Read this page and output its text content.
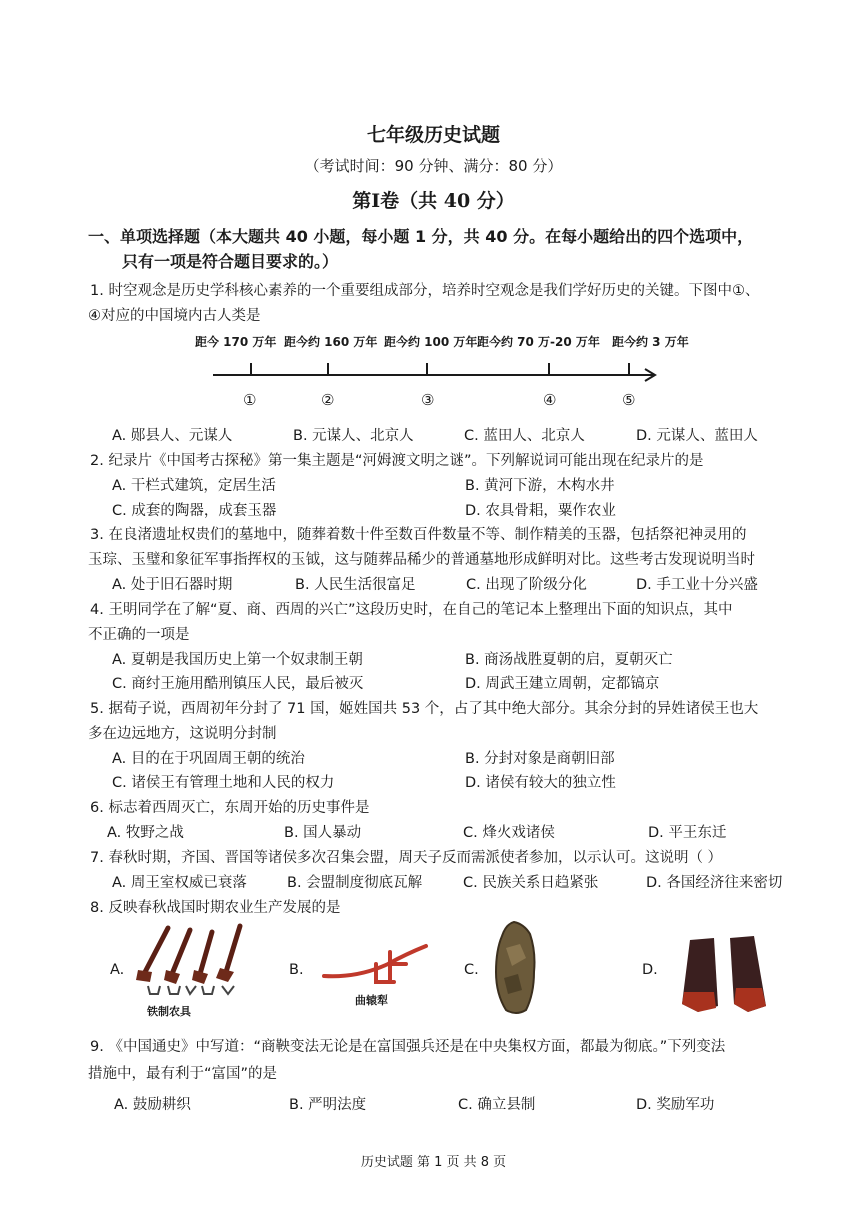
七年级历史试题
（考试时间：90 分钟、满分：80 分）
第Ⅰ卷（共 40 分）
一、单项选择题（本大题共 40 小题，每小题 1 分，共 40 分。在每小题给出的四个选项中，
只有一项是符合题目要求的。）
1. 时空观念是历史学科核心素养的一个重要组成部分，培养时空观念是我们学好历史的关键。下图中①、
④对应的中国境内古人类是
距今 170 万年 距今约 160 万年 距今约 100 万年 距今约 70 万-20 万年 距今约 3 万年
①	②	③	④	⑤
A. 郧县人、元谋人	B. 元谋人、北京人	C. 蓝田人、北京人	D. 元谋人、蓝田人
2. 纪录片《中国考古探秘》第一集主题是“河姆渡文明之谜”。下列解说词可能出现在纪录片的是
A. 干栏式建筑，定居生活	B. 黄河下游，木构水井
C. 成套的陶器，成套玉器	D. 农具骨耜，粟作农业
3. 在良渚遗址权贵们的墓地中，随葬着数十件至数百件数量不等、制作精美的玉器，包括祭祀神灵用的
玉琮、玉璧和象征军事指挥权的玉钺，这与随葬品稀少的普通墓地形成鲜明对比。这些考古发现说明当时
A. 处于旧石器时期	B. 人民生活很富足	C. 出现了阶级分化	D. 手工业十分兴盛
4. 王明同学在了解“夏、商、西周的兴亡”这段历史时，在自己的笔记本上整理出下面的知识点，其中
不正确的一项是
A. 夏朝是我国历史上第一个奴隶制王朝	B. 商汤战胜夏朝的启，夏朝灭亡
C. 商纣王施用酷刑镇压人民，最后被灭	D. 周武王建立周朝，定都镐京
5. 据荀子说，西周初年分封了 71 国，姬姓国共 53 个，占了其中绝大部分。其余分封的异姓诸侯王也大
多在边远地方，这说明分封制
A. 目的在于巩固周王朝的统治	B. 分封对象是商朝旧部
C. 诸侯王有管理土地和人民的权力	D. 诸侯有较大的独立性
6. 标志着西周灭亡，东周开始的历史事件是
A. 牧野之战	B. 国人暴动	C. 烽火戏诸侯	D. 平王东迁
7. 春秋时期，齐国、晋国等诸侯多次召集会盟，周天子反而需派使者参加，以示认可。这说明（ ）
A. 周王室权威已衰落	B. 会盟制度彻底瓦解	C. 民族关系日趋紧张	D. 各国经济往来密切
8. 反映春秋战国时期农业生产发展的是
A.
铁制农具
B.
曲辕犁
C.	D.
9. 《中国通史》中写道：“商鞅变法无论是在富国强兵还是在中央集权方面，都最为彻底。”下列变法
措施中，最有利于“富国”的是
A. 鼓励耕织	B. 严明法度	C. 确立县制	D. 奖励军功
历史试题 第 1 页 共 8 页
